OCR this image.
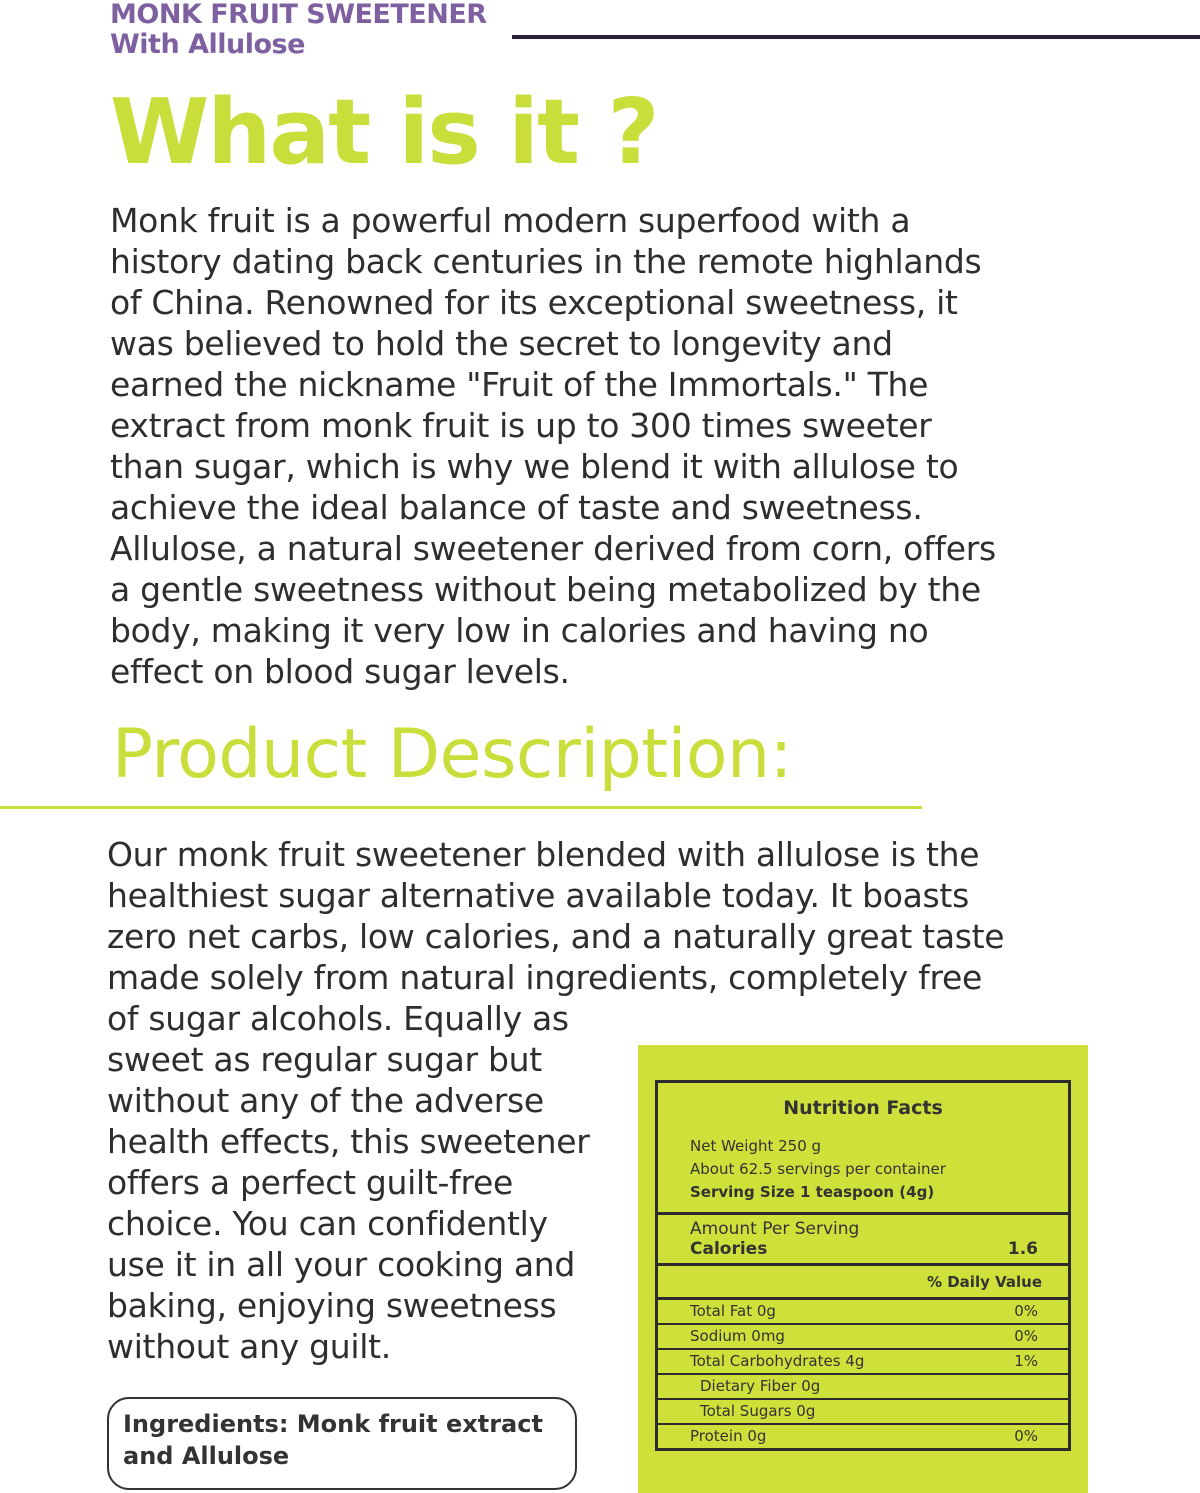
MONK FRUIT SWEETENER
With Allulose
What is it ?

Monk fruit is a powerful modern superfood with a
history dating back centuries in the remote highlands
of China. Renowned for its exceptional sweetness, it
was believed to hold the secret to longevity and
earned the nickname "Fruit of the Immortals." The
extract from monk fruit is up to 300 times sweeter
than sugar, which is why we blend it with allulose to
achieve the ideal balance of taste and sweetness.
Allulose, a natural sweetener derived from corn, offers
a gentle sweetness without being metabolized by the
body, making it very low in calories and having no
effect on blood sugar levels.

Product Description:

Our monk fruit sweetener blended with allulose is the
healthiest sugar alternative available today. It boasts
zero net carbs, low calories, and a naturally great taste
made solely from natural ingredients, completely free
of sugar alcohols. Equally as
sweet as regular sugar but
without any of the adverse
health effects, this sweetener
offers a perfect guilt-free
choice. You can confidently
use it in all your cooking and
baking, enjoying sweetness
without any guilt.

Ingredients: Monk fruit extract
and Allulose
Nutrition Facts
Net Weight 250 g
About 62.5 servings per container
Serving Size 1 teaspoon (4g)
Amount Per Serving
Calories	1.6
% Daily Value
Total Fat 0g	0%
Sodium 0mg	0%
Total Carbohydrates 4g	1%
Dietary Fiber 0g
Total Sugars 0g
Protein 0g	0%
